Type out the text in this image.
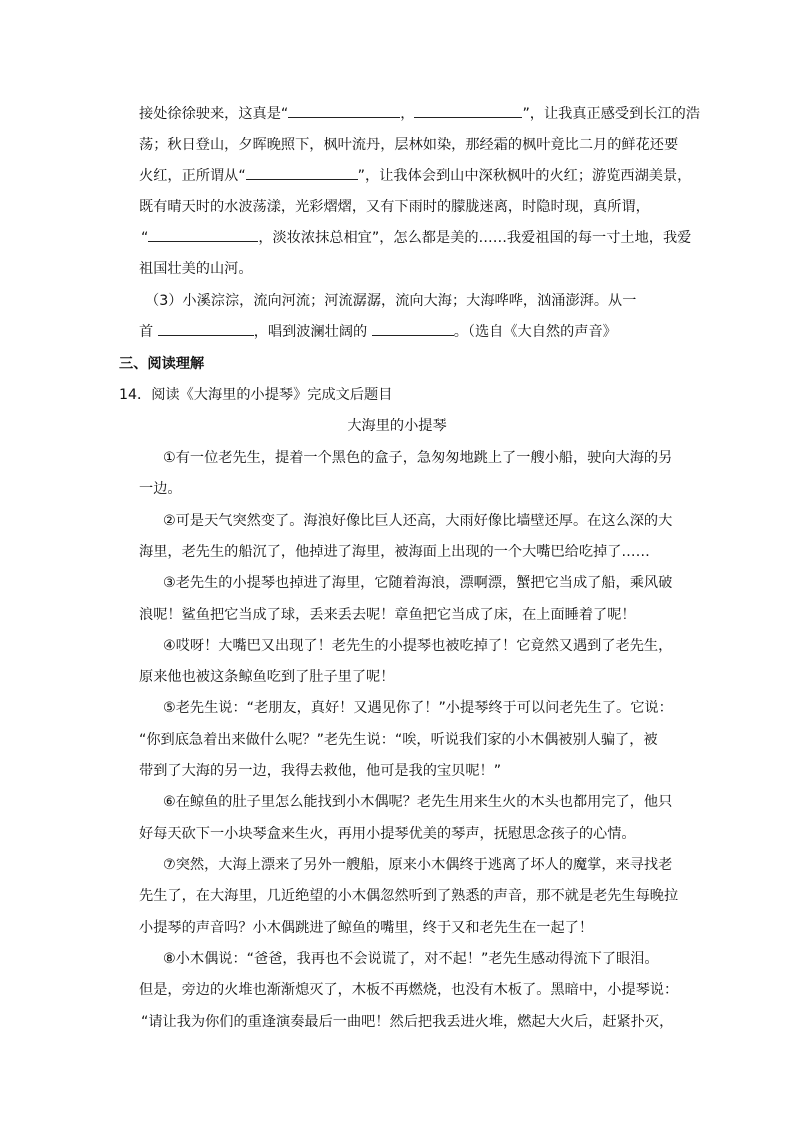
接处徐徐驶来，这真是“	，	”，让我真正感受到长江的浩
荡；秋日登山，夕晖晚照下，枫叶流丹，层林如染，那经霜的枫叶竟比二月的鲜花还要
火红，正所谓从“	”，让我体会到山中深秋枫叶的火红；游览西湖美景，
既有晴天时的水波荡漾，光彩熠熠，又有下雨时的朦胧迷离，时隐时现，真所谓，
“	，淡妆浓抹总相宜”，怎么都是美的……我爱祖国的每一寸土地，我爱
祖国壮美的山河。
（3）小溪淙淙，流向河流；河流潺潺，流向大海；大海哗哗，汹涌澎湃。从一
首	，唱到波澜壮阔的	。（选自《大自然的声音》
三、阅读理解
14．阅读《大海里的小提琴》完成文后题目
大海里的小提琴
①有一位老先生，提着一个黑色的盒子，急匆匆地跳上了一艘小船，驶向大海的另
一边。
②可是天气突然变了。海浪好像比巨人还高，大雨好像比墙壁还厚。在这么深的大
海里，老先生的船沉了，他掉进了海里，被海面上出现的一个大嘴巴给吃掉了……
③老先生的小提琴也掉进了海里，它随着海浪，漂啊漂，蟹把它当成了船，乘风破
浪呢！鲨鱼把它当成了球，丢来丢去呢！章鱼把它当成了床，在上面睡着了呢！
④哎呀！大嘴巴又出现了！老先生的小提琴也被吃掉了！它竟然又遇到了老先生，
原来他也被这条鲸鱼吃到了肚子里了呢！
⑤老先生说：“老朋友，真好！又遇见你了！”小提琴终于可以问老先生了。它说：
“你到底急着出来做什么呢？”老先生说：“唉，听说我们家的小木偶被别人骗了，被
带到了大海的另一边，我得去救他，他可是我的宝贝呢！”
⑥在鲸鱼的肚子里怎么能找到小木偶呢？老先生用来生火的木头也都用完了，他只
好每天砍下一小块琴盒来生火，再用小提琴优美的琴声，抚慰思念孩子的心情。
⑦突然，大海上漂来了另外一艘船，原来小木偶终于逃离了坏人的魔掌，来寻找老
先生了，在大海里，几近绝望的小木偶忽然听到了熟悉的声音，那不就是老先生每晚拉
小提琴的声音吗？小木偶跳进了鲸鱼的嘴里，终于又和老先生在一起了！
⑧小木偶说：“爸爸，我再也不会说谎了，对不起！”老先生感动得流下了眼泪。
但是，旁边的火堆也渐渐熄灭了，木板不再燃烧，也没有木板了。黑暗中，小提琴说：
“请让我为你们的重逢演奏最后一曲吧！然后把我丢进火堆，燃起大火后，赶紧扑灭，
